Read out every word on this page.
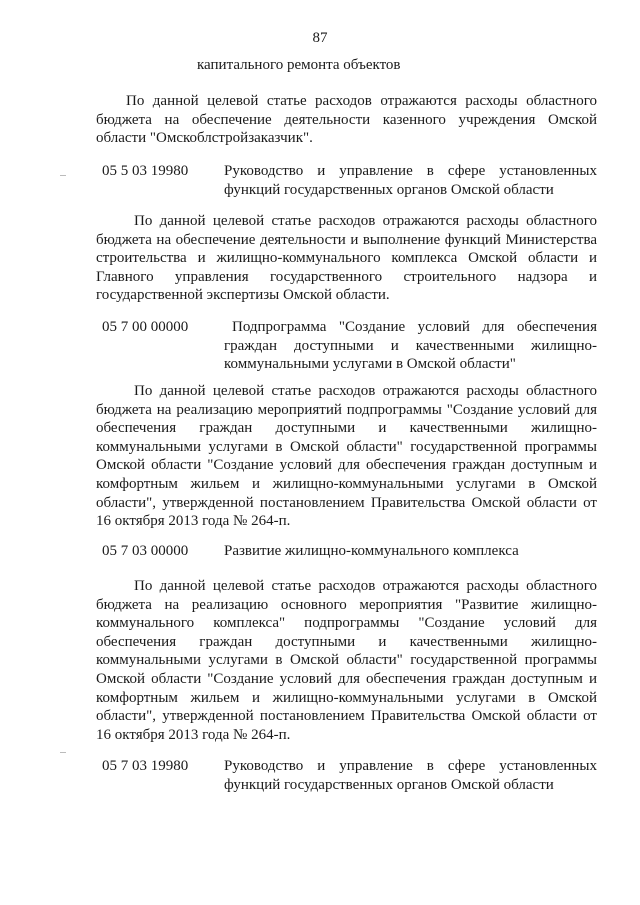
87
капитального ремонта объектов
По данной целевой статье расходов отражаются расходы областного
бюджета на обеспечение деятельности казенного учреждения Омской
области "Омскоблстройзаказчик".
05 5 03 19980 Руководство и управление в сфере установленных
функций государственных органов Омской области
По данной целевой статье расходов отражаются расходы областного
бюджета на обеспечение деятельности и выполнение функций Министерства
строительства и жилищно-коммунального комплекса Омской области и
Главного управления государственного строительного надзора и
государственной экспертизы Омской области.
05 7 00 00000	Подпрограмма "Создание условий для обеспечения
граждан доступными и качественными жилищно-
коммунальными услугами в Омской области"
По данной целевой статье расходов отражаются расходы областного
бюджета на реализацию мероприятий подпрограммы "Создание условий для
обеспечения граждан доступными и качественными жилищно-
коммунальными услугами в Омской области" государственной программы
Омской области "Создание условий для обеспечения граждан доступным и
комфортным жильем и жилищно-коммунальными услугами в Омской
области", утвержденной постановлением Правительства Омской области от
16 октября 2013 года № 264-п.
05 7 03 00000 Развитие жилищно-коммунального комплекса
По данной целевой статье расходов отражаются расходы областного
бюджета на реализацию основного мероприятия "Развитие жилищно-
коммунального комплекса" подпрограммы "Создание условий для
обеспечения граждан доступными и качественными жилищно-
коммунальными услугами в Омской области" государственной программы
Омской области "Создание условий для обеспечения граждан доступным и
комфортным жильем и жилищно-коммунальными услугами в Омской
области", утвержденной постановлением Правительства Омской области от
16 октября 2013 года № 264-п.
05 7 03 19980 Руководство и управление в сфере установленных
функций государственных органов Омской области
